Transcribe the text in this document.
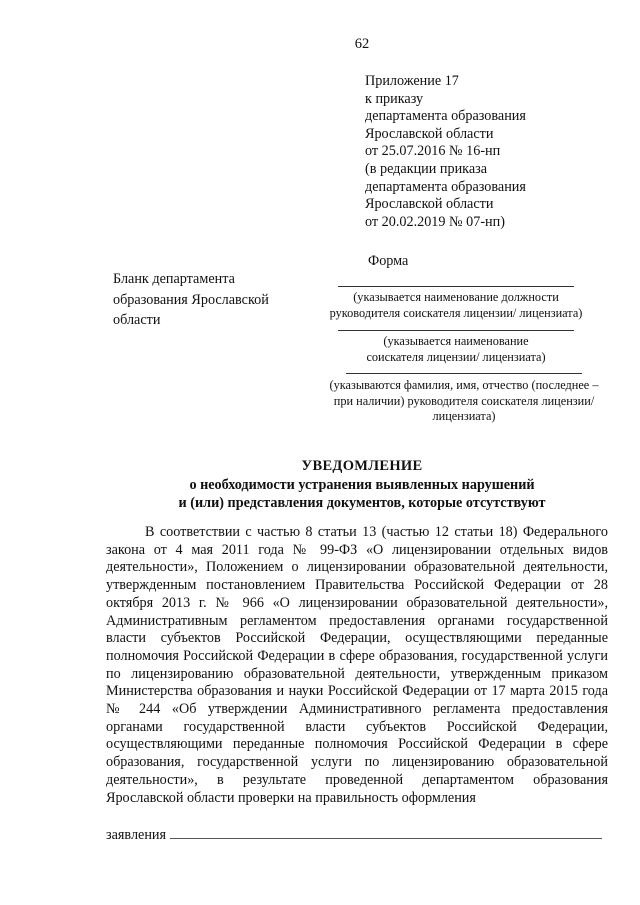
62
Приложение 17
к приказу
департамента образования
Ярославской области
от 25.07.2016 № 16-нп
(в редакции приказа
департамента образования
Ярославской области
от 20.02.2019 № 07-нп)
Форма
Бланк департамента
образования Ярославской
области
(указывается наименование должности
руководителя соискателя лицензии/ лицензиата)
(указывается наименование
соискателя лицензии/ лицензиата)
(указываются фамилия, имя, отчество (последнее –
при наличии) руководителя соискателя лицензии/
лицензиата)
УВЕДОМЛЕНИЕ
о необходимости устранения выявленных нарушений
и (или) представления документов, которые отсутствуют

В соответствии с частью 8 статьи 13 (частью 12 статьи 18) Федерального закона от 4 мая 2011 года № 99-ФЗ «О лицензировании отдельных видов деятельности», Положением о лицензировании образовательной деятельности, утвержденным постановлением Правительства Российской Федерации от 28 октября 2013 г. № 966 «О лицензировании образовательной деятельности», Административным регламентом предоставления органами государственной власти субъектов Российской Федерации, осуществляющими переданные полномочия Российской Федерации в сфере образования, государственной услуги по лицензированию образовательной деятельности, утвержденным приказом Министерства образования и науки Российской Федерации от 17 марта 2015 года № 244 «Об утверждении Административного регламента предоставления органами государственной власти субъектов Российской Федерации, осуществляющими переданные полномочия Российской Федерации в сфере образования, государственной услуги по лицензированию образовательной деятельности», в результате проведенной департаментом образования Ярославской области проверки на правильность оформления

заявления
